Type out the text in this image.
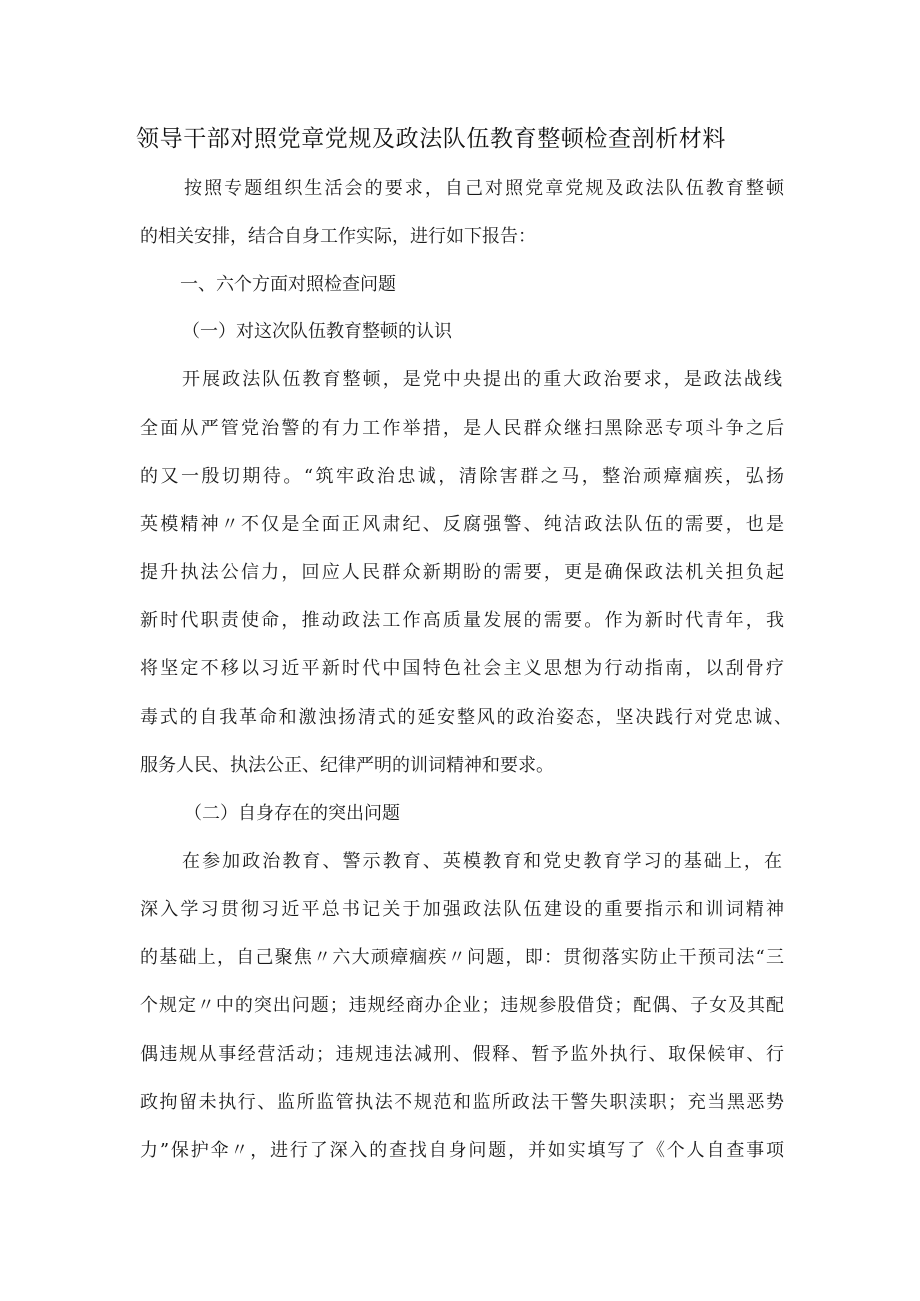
领导干部对照党章党规及政法队伍教育整顿检查剖析材料
按照专题组织生活会的要求，自己对照党章党规及政法队伍教育整顿
的相关安排，结合自身工作实际，进行如下报告：
一、六个方面对照检查问题
（一）对这次队伍教育整顿的认识
开展政法队伍教育整顿，是党中央提出的重大政治要求，是政法战线
全面从严管党治警的有力工作举措，是人民群众继扫黑除恶专项斗争之后
的又一殷切期待。“筑牢政治忠诚，清除害群之马，整治顽瘴痼疾，弘扬
英模精神〃不仅是全面正风肃纪、反腐强警、纯洁政法队伍的需要，也是
提升执法公信力，回应人民群众新期盼的需要，更是确保政法机关担负起
新时代职责使命，推动政法工作高质量发展的需要。作为新时代青年，我
将坚定不移以习近平新时代中国特色社会主义思想为行动指南，以刮骨疗
毒式的自我革命和激浊扬清式的延安整风的政治姿态，坚决践行对党忠诚、
服务人民、执法公正、纪律严明的训词精神和要求。
（二）自身存在的突出问题
在参加政治教育、警示教育、英模教育和党史教育学习的基础上，在
深入学习贯彻习近平总书记关于加强政法队伍建设的重要指示和训词精神
的基础上，自己聚焦〃六大顽瘴痼疾〃问题，即：贯彻落实防止干预司法“三
个规定〃中的突出问题；违规经商办企业；违规参股借贷；配偶、子女及其配
偶违规从事经营活动；违规违法减刑、假释、暂予监外执行、取保候审、行
政拘留未执行、监所监管执法不规范和监所政法干警失职渎职；充当黑恶势
力”保护伞〃，进行了深入的查找自身问题，并如实填写了《个人自查事项
